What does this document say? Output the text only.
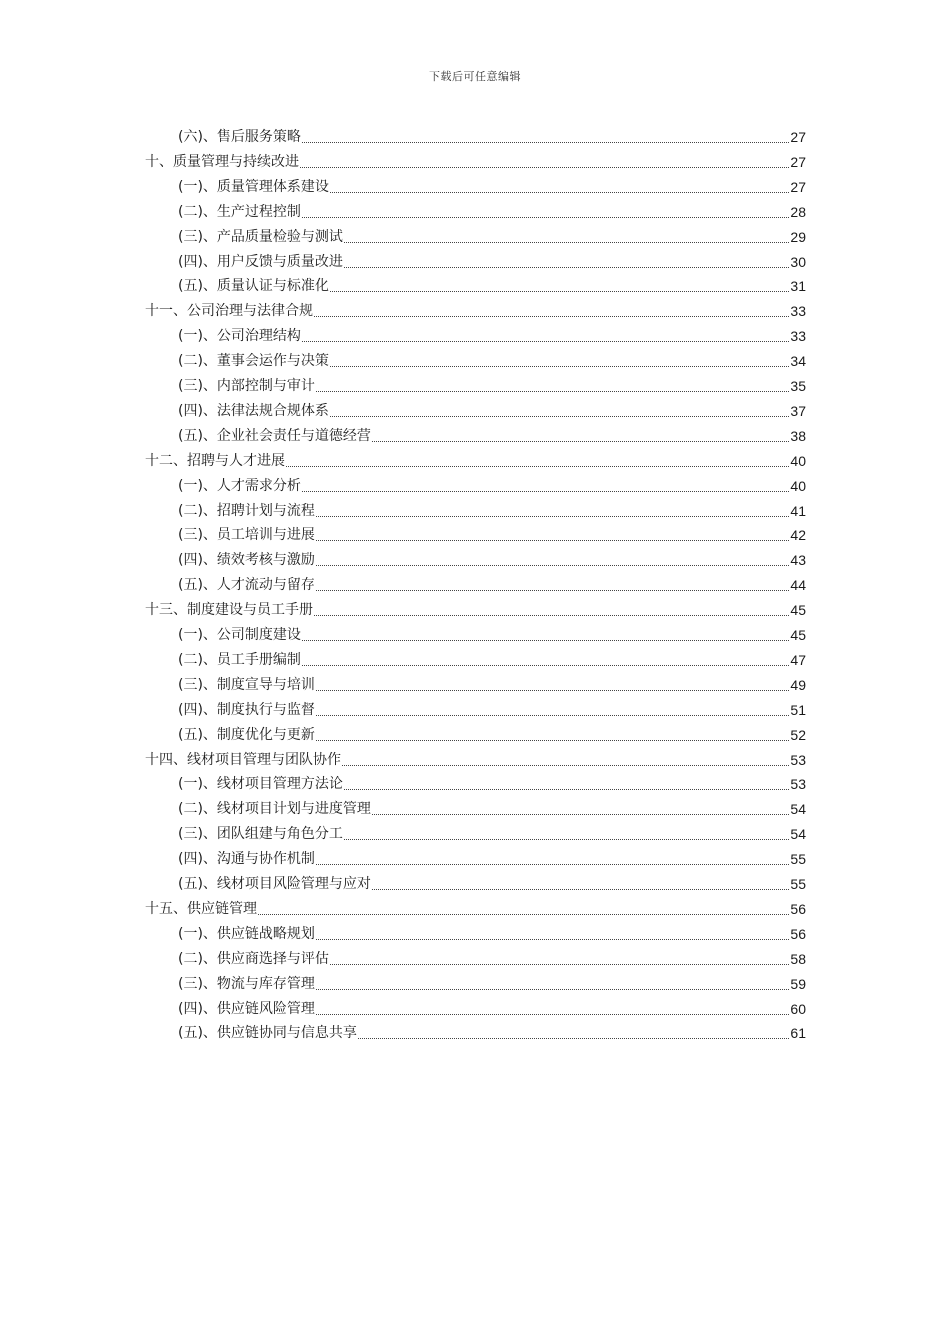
下载后可任意编辑
(六)、售后服务策略	27
十、质量管理与持续改进	27
(一)、质量管理体系建设	27
(二)、生产过程控制	28
(三)、产品质量检验与测试	29
(四)、用户反馈与质量改进	30
(五)、质量认证与标准化	31
十一、公司治理与法律合规	33
(一)、公司治理结构	33
(二)、董事会运作与决策	34
(三)、内部控制与审计	35
(四)、法律法规合规体系	37
(五)、企业社会责任与道德经营	38
十二、招聘与人才进展	40
(一)、人才需求分析	40
(二)、招聘计划与流程	41
(三)、员工培训与进展	42
(四)、绩效考核与激励	43
(五)、人才流动与留存	44
十三、制度建设与员工手册	45
(一)、公司制度建设	45
(二)、员工手册编制	47
(三)、制度宣导与培训	49
(四)、制度执行与监督	51
(五)、制度优化与更新	52
十四、线材项目管理与团队协作	53
(一)、线材项目管理方法论	53
(二)、线材项目计划与进度管理	54
(三)、团队组建与角色分工	54
(四)、沟通与协作机制	55
(五)、线材项目风险管理与应对	55
十五、供应链管理	56
(一)、供应链战略规划	56
(二)、供应商选择与评估	58
(三)、物流与库存管理	59
(四)、供应链风险管理	60
(五)、供应链协同与信息共享	61
